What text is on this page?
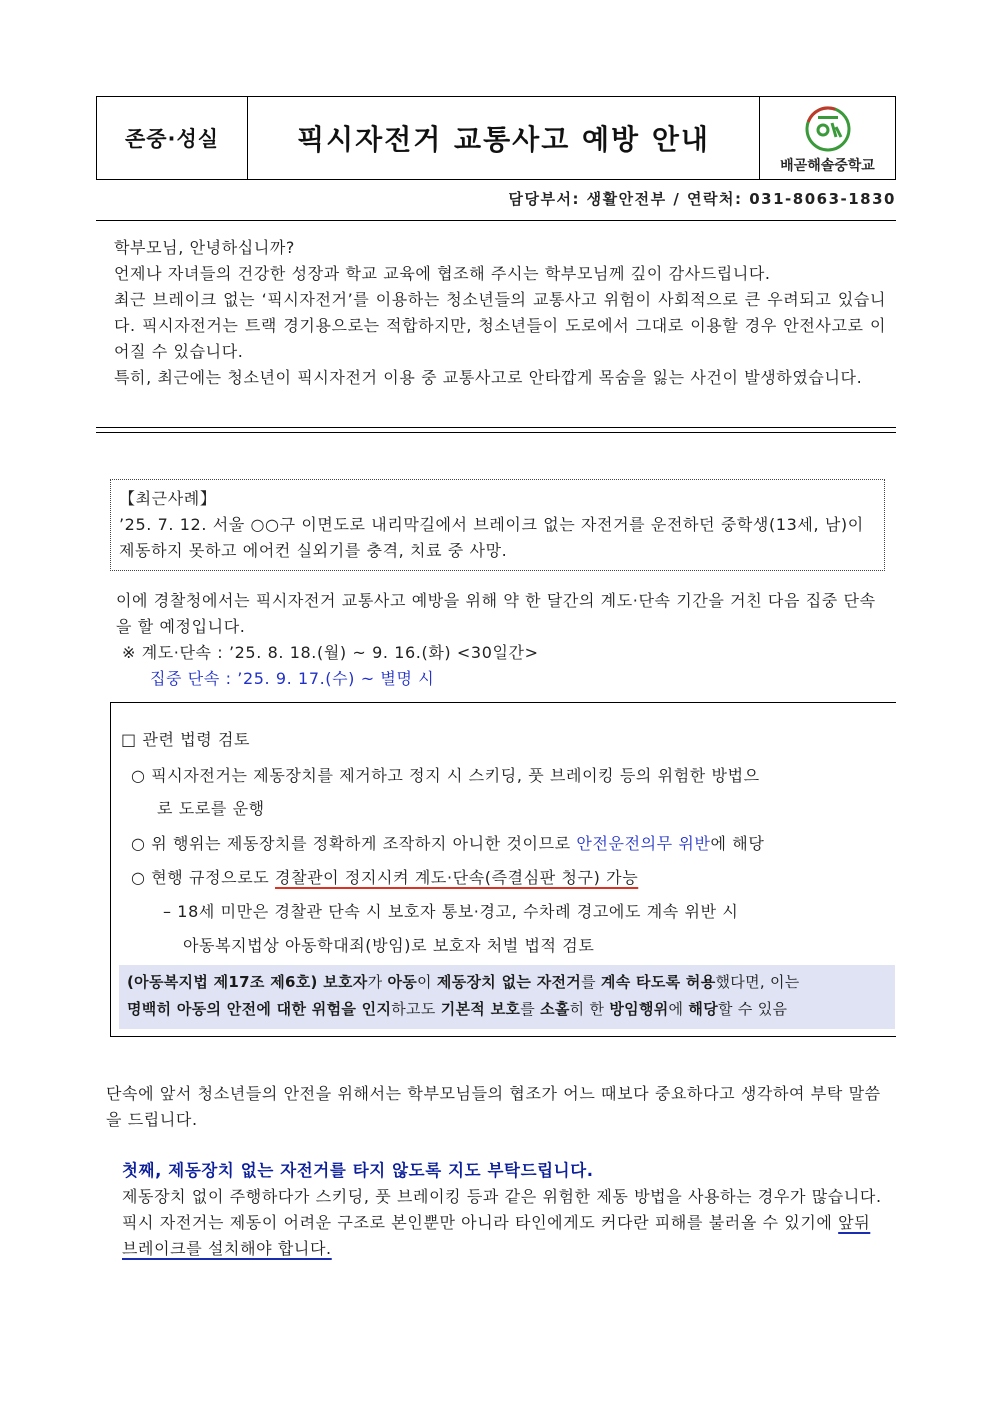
존중·성실	픽시자전거 교통사고 예방 안내
배곧해솔중학교
담당부서: 생활안전부 / 연락처: 031-8063-1830

학부모님, 안녕하십니까?

언제나 자녀들의 건강한 성장과 학교 교육에 협조해 주시는 학부모님께 깊이 감사드립니다.

최근 브레이크 없는 ‘픽시자전거’를 이용하는 청소년들의 교통사고 위험이 사회적으로 큰 우려되고 있습니다. 픽시자전거는 트랙 경기용으로는 적합하지만, 청소년들이 도로에서 그대로 이용할 경우 안전사고로 이어질 수 있습니다.

특히, 최근에는 청소년이 픽시자전거 이용 중 교통사고로 안타깝게 목숨을 잃는 사건이 발생하였습니다.

【최근사례】

’25. 7. 12. 서울 ○○구 이면도로 내리막길에서 브레이크 없는 자전거를 운전하던 중학생(13세, 남)이 제동하지 못하고 에어컨 실외기를 충격, 치료 중 사망.

이에 경찰청에서는 픽시자전거 교통사고 예방을 위해 약 한 달간의 계도·단속 기간을 거친 다음 집중 단속을 할 예정입니다.

※ 계도·단속 : ’25. 8. 18.(월) ~ 9. 16.(화) <30일간>

집중 단속 : ’25. 9. 17.(수) ~ 별명 시

□ 관련 법령 검토
○ 픽시자전거는 제동장치를 제거하고 정지 시 스키딩, 풋 브레이킹 등의 위험한 방법으
로 도로를 운행
○ 위 행위는 제동장치를 정확하게 조작하지 아니한 것이므로 안전운전의무 위반에 해당
○ 현행 규정으로도 경찰관이 정지시켜 계도·단속(즉결심판 청구) 가능
– 18세 미만은 경찰관 단속 시 보호자 통보·경고, 수차례 경고에도 계속 위반 시
아동복지법상 아동학대죄(방임)로 보호자 처벌 법적 검토

(아동복지법 제17조 제6호) 보호자가 아동이 제동장치 없는 자전거를 계속 타도록 허용했다면, 이는

명백히 아동의 안전에 대한 위험을 인지하고도 기본적 보호를 소홀히 한 방임행위에 해당할 수 있음

단속에 앞서 청소년들의 안전을 위해서는 학부모님들의 협조가 어느 때보다 중요하다고 생각하여 부탁 말씀을 드립니다.

첫째, 제동장치 없는 자전거를 타지 않도록 지도 부탁드립니다.

제동장치 없이 주행하다가 스키딩, 풋 브레이킹 등과 같은 위험한 제동 방법을 사용하는 경우가 많습니다.

픽시 자전거는 제동이 어려운 구조로 본인뿐만 아니라 타인에게도 커다란 피해를 불러올 수 있기에 앞뒤 브레이크를 설치해야 합니다.
